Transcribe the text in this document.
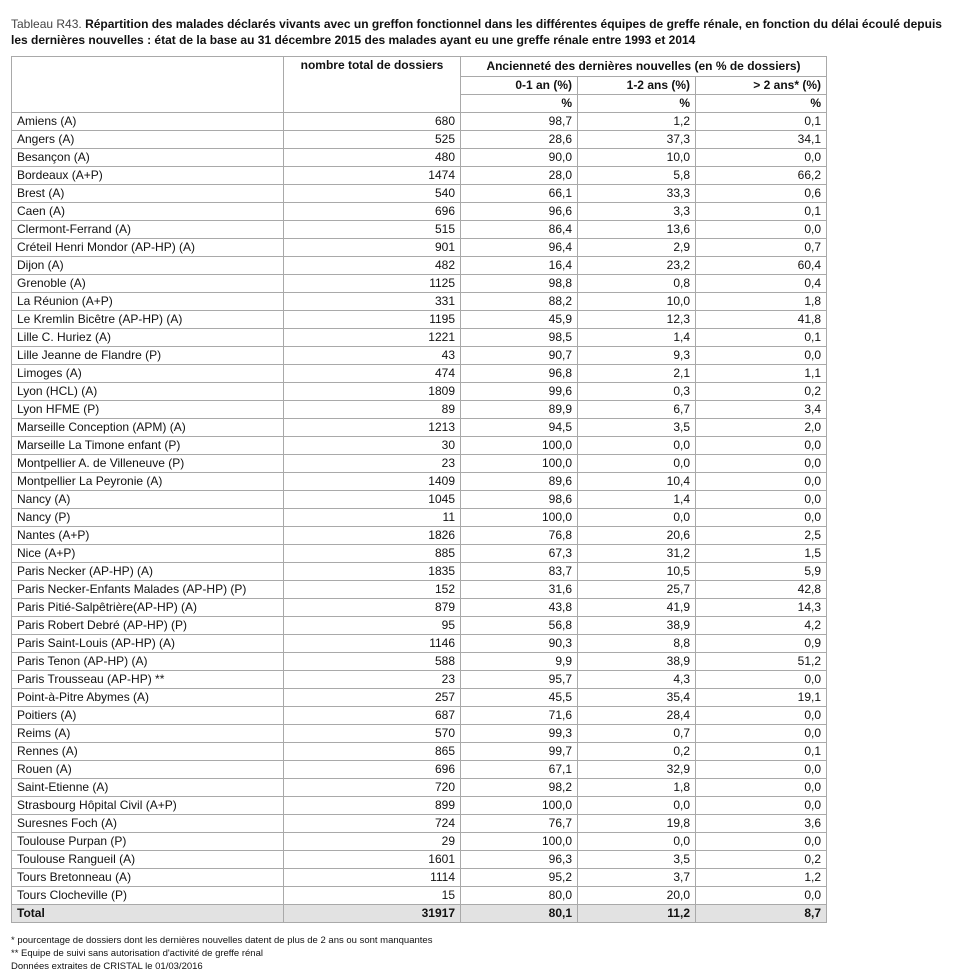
Tableau R43. Répartition des malades déclarés vivants avec un greffon fonctionnel dans les différentes équipes de greffe rénale, en fonction du délai écoulé depuis les dernières nouvelles : état de la base au 31 décembre 2015 des malades ayant eu une greffe rénale entre 1993 et 2014
	nombre total de dossiers	Ancienneté des dernières nouvelles (en % de dossiers)		
		0-1 an (%)	1-2 ans (%)	> 2 ans* (%)
		%	%	%
Amiens (A)	680	98,7	1,2	0,1
Angers (A)	525	28,6	37,3	34,1
Besançon (A)	480	90,0	10,0	0,0
Bordeaux (A+P)	1474	28,0	5,8	66,2
Brest (A)	540	66,1	33,3	0,6
Caen (A)	696	96,6	3,3	0,1
Clermont-Ferrand (A)	515	86,4	13,6	0,0
Créteil Henri Mondor (AP-HP) (A)	901	96,4	2,9	0,7
Dijon (A)	482	16,4	23,2	60,4
Grenoble (A)	1125	98,8	0,8	0,4
La Réunion (A+P)	331	88,2	10,0	1,8
Le Kremlin Bicêtre (AP-HP) (A)	1195	45,9	12,3	41,8
Lille C. Huriez (A)	1221	98,5	1,4	0,1
Lille Jeanne de Flandre (P)	43	90,7	9,3	0,0
Limoges (A)	474	96,8	2,1	1,1
Lyon (HCL) (A)	1809	99,6	0,3	0,2
Lyon HFME (P)	89	89,9	6,7	3,4
Marseille Conception (APM) (A)	1213	94,5	3,5	2,0
Marseille La Timone enfant (P)	30	100,0	0,0	0,0
Montpellier A. de Villeneuve (P)	23	100,0	0,0	0,0
Montpellier La Peyronie (A)	1409	89,6	10,4	0,0
Nancy (A)	1045	98,6	1,4	0,0
Nancy (P)	11	100,0	0,0	0,0
Nantes (A+P)	1826	76,8	20,6	2,5
Nice (A+P)	885	67,3	31,2	1,5
Paris Necker (AP-HP) (A)	1835	83,7	10,5	5,9
Paris Necker-Enfants Malades (AP-HP) (P)	152	31,6	25,7	42,8
Paris Pitié-Salpêtrière(AP-HP) (A)	879	43,8	41,9	14,3
Paris Robert Debré (AP-HP) (P)	95	56,8	38,9	4,2
Paris Saint-Louis (AP-HP) (A)	1146	90,3	8,8	0,9
Paris Tenon (AP-HP) (A)	588	9,9	38,9	51,2
Paris Trousseau (AP-HP) **	23	95,7	4,3	0,0
Point-à-Pitre Abymes (A)	257	45,5	35,4	19,1
Poitiers (A)	687	71,6	28,4	0,0
Reims (A)	570	99,3	0,7	0,0
Rennes (A)	865	99,7	0,2	0,1
Rouen (A)	696	67,1	32,9	0,0
Saint-Etienne (A)	720	98,2	1,8	0,0
Strasbourg Hôpital Civil (A+P)	899	100,0	0,0	0,0
Suresnes Foch (A)	724	76,7	19,8	3,6
Toulouse Purpan (P)	29	100,0	0,0	0,0
Toulouse Rangueil (A)	1601	96,3	3,5	0,2
Tours Bretonneau (A)	1114	95,2	3,7	1,2
Tours Clocheville (P)	15	80,0	20,0	0,0
Total	31917	80,1	11,2	8,7
* pourcentage de dossiers dont les dernières nouvelles datent de plus de 2 ans ou sont manquantes
** Equipe de suivi sans autorisation d'activité de greffe rénal
Données extraites de CRISTAL le 01/03/2016
